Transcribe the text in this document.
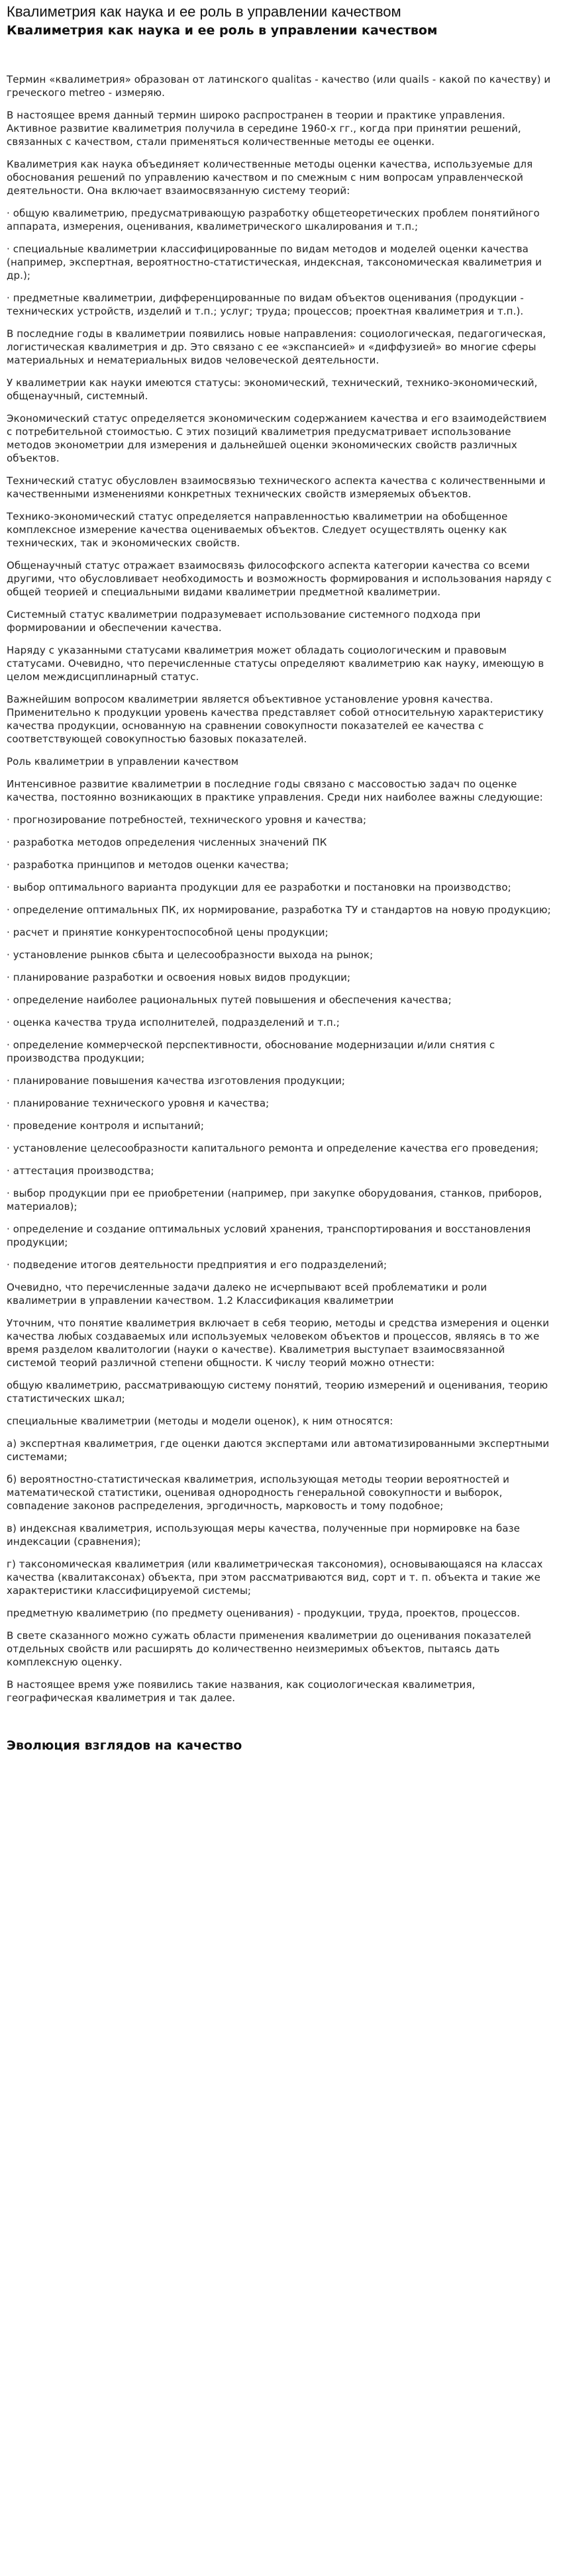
Квалиметрия как наука и ее роль в управлении качеством
Квалиметрия как наука и ее роль в управлении качеством

Термин «квалиметрия» образован от латинского qualitas - качество (или quails - какой по качеству) и греческого metreo - измеряю.

В настоящее время данный термин широко распространен в теории и практике управления. Активное развитие квалиметрия получила в середине 1960-х гг., когда при принятии решений, связанных с качеством, стали применяться количественные методы ее оценки.

Квалиметрия как наука объединяет количественные методы оценки качества, используемые для обоснования решений по управлению качеством и по смежным с ним вопросам управленческой деятельности. Она включает взаимосвязанную систему теорий:

· общую квалиметрию, предусматривающую разработку общетеоретических проблем понятийного аппарата, измерения, оценивания, квалиметрического шкалирования и т.п.;

· специальные квалиметрии классифицированные по видам методов и моделей оценки качества (например, экспертная, вероятностно-статистическая, индексная, таксономическая квалиметрия и др.);

· предметные квалиметрии, дифференцированные по видам объектов оценивания (продукции - технических устройств, изделий и т.п.; услуг; труда; процессов; проектная квалиметрия и т.п.).

В последние годы в квалиметрии появились новые направления: социологическая, педагогическая, логистическая квалиметрия и др. Это связано с ее «экспансией» и «диффузией» во многие сферы материальных и нематериальных видов человеческой деятельности.

У квалиметрии как науки имеются статусы: экономический, технический, технико-экономический, общенаучный, системный.

Экономический статус определяется экономическим содержанием качества и его взаимодействием с потребительной стоимостью. С этих позиций квалиметрия предусматривает использование методов эконометрии для измерения и дальнейшей оценки экономических свойств различных объектов.

Технический статус обусловлен взаимосвязью технического аспекта качества с количественными и качественными изменениями конкретных технических свойств измеряемых объектов.

Технико-экономический статус определяется направленностью квалиметрии на обобщенное комплексное измерение качества оцениваемых объектов. Следует осуществлять оценку как технических, так и экономических свойств.

Общенаучный статус отражает взаимосвязь философского аспекта категории качества со всеми другими, что обусловливает необходимость и возможность формирования и использования наряду с общей теорией и специальными видами квалиметрии предметной квалиметрии.

Системный статус квалиметрии подразумевает использование системного подхода при формировании и обеспечении качества.

Наряду с указанными статусами квалиметрия может обладать социологическим и правовым статусами. Очевидно, что перечисленные статусы определяют квалиметрию как науку, имеющую в целом междисциплинарный статус.

Важнейшим вопросом квалиметрии является объективное установление уровня качества. Применительно к продукции уровень качества представляет собой относительную характеристику качества продукции, основанную на сравнении совокупности показателей ее качества с соответствующей совокупностью базовых показателей.

Роль квалиметрии в управлении качеством

Интенсивное развитие квалиметрии в последние годы связано с массовостью задач по оценке качества, постоянно возникающих в практике управления. Среди них наиболее важны следующие:

· прогнозирование потребностей, технического уровня и качества;

· разработка методов определения численных значений ПК

· разработка принципов и методов оценки качества;

· выбор оптимального варианта продукции для ее разработки и постановки на производство;

· определение оптимальных ПК, их нормирование, разработка ТУ и стандартов на новую продукцию;

· расчет и принятие конкурентоспособной цены продукции;

· установление рынков сбыта и целесообразности выхода на рынок;

· планирование разработки и освоения новых видов продукции;

· определение наиболее рациональных путей повышения и обеспечения качества;

· оценка качества труда исполнителей, подразделений и т.п.;

· определение коммерческой перспективности, обоснование модернизации и/или снятия с производства продукции;

· планирование повышения качества изготовления продукции;

· планирование технического уровня и качества;

· проведение контроля и испытаний;

· установление целесообразности капитального ремонта и определение качества его проведения;

· аттестация производства;

· выбор продукции при ее приобретении (например, при закупке оборудования, станков, приборов, материалов);

· определение и создание оптимальных условий хранения, транспортирования и восстановления продукции;

· подведение итогов деятельности предприятия и его подразделений;

Очевидно, что перечисленные задачи далеко не исчерпывают всей проблематики и роли квалиметрии в управлении качеством. 1.2 Классификация квалиметрии

Уточним, что понятие квалиметрия включает в себя теорию, методы и средства измерения и оценки качества любых создаваемых или используемых человеком объектов и процессов, являясь в то же время разделом квалитологии (науки о качестве). Квалиметрия выступает взаимосвязанной системой теорий различной степени общности. К числу теорий можно отнести:

общую квалиметрию, рассматривающую систему понятий, теорию измерений и оценивания, теорию статистических шкал;

специальные квалиметрии (методы и модели оценок), к ним относятся:

а) экспертная квалиметрия, где оценки даются экспертами или автоматизированными экспертными системами;

б) вероятностно-статистическая квалиметрия, использующая методы теории вероятностей и математической статистики, оценивая однородность генеральной совокупности и выборок, совпадение законов распределения, эргодичность, марковость и тому подобное;

в) индексная квалиметрия, использующая меры качества, полученные при нормировке на базе индексации (сравнения);

г) таксономическая квалиметрия (или квалиметрическая таксономия), основывающаяся на классах качества (квалитаксонах) объекта, при этом рассматриваются вид, сорт и т. п. объекта и такие же характеристики классифицируемой системы;

предметную квалиметрию (по предмету оценивания) - продукции, труда, проектов, процессов.

В свете сказанного можно сужать области применения квалиметрии до оценивания показателей отдельных свойств или расширять до количественно неизмеримых объектов, пытаясь дать комплексную оценку.

В настоящее время уже появились такие названия, как социологическая квалиметрия, географическая квалиметрия и так далее.

Эволюция взглядов на качество
